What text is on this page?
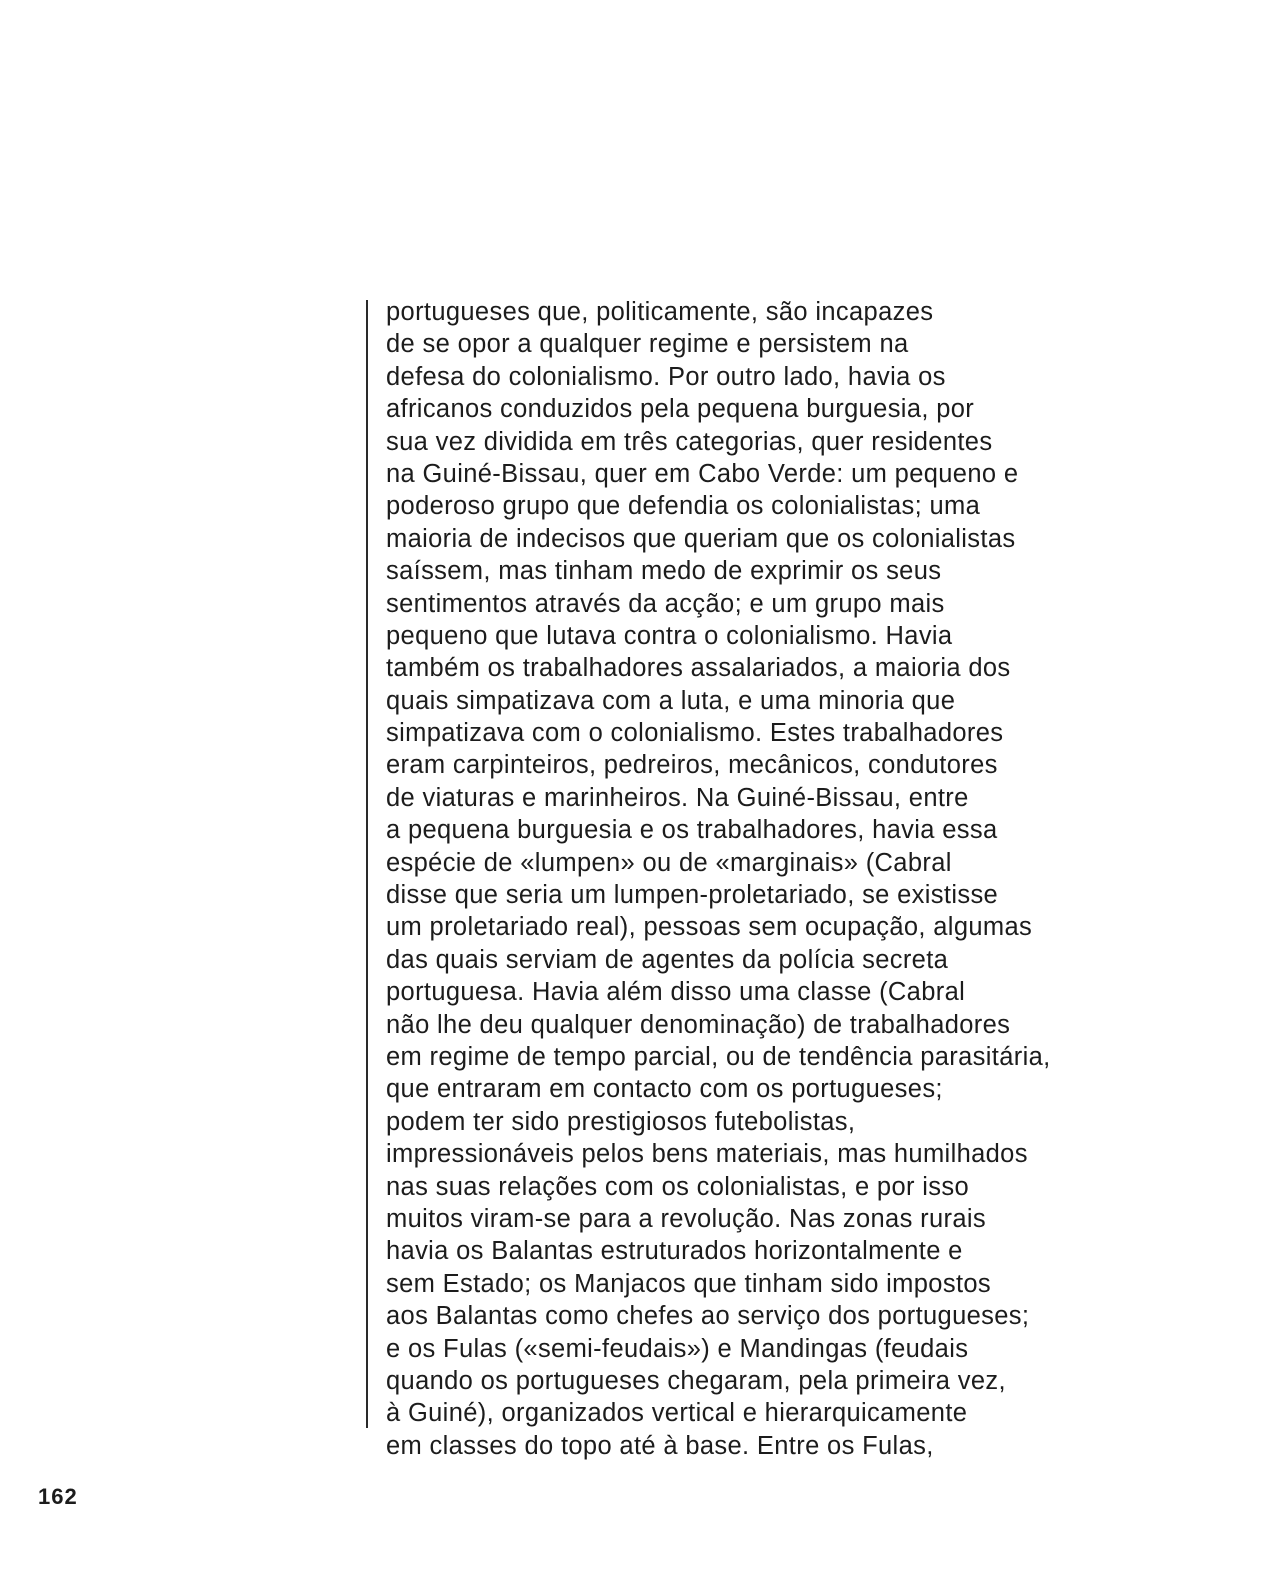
portugueses que, politicamente, são incapazes
de se opor a qualquer regime e persistem na
defesa do colonialismo. Por outro lado, havia os
africanos conduzidos pela pequena burguesia, por
sua vez dividida em três categorias, quer residentes
na Guiné-Bissau, quer em Cabo Verde: um pequeno e
poderoso grupo que defendia os colonialistas; uma
maioria de indecisos que queriam que os colonialistas
saíssem, mas tinham medo de exprimir os seus
sentimentos através da acção; e um grupo mais
pequeno que lutava contra o colonialismo. Havia
também os trabalhadores assalariados, a maioria dos
quais simpatizava com a luta, e uma minoria que
simpatizava com o colonialismo. Estes trabalhadores
eram carpinteiros, pedreiros, mecânicos, condutores
de viaturas e marinheiros. Na Guiné-Bissau, entre
a pequena burguesia e os trabalhadores, havia essa
espécie de «lumpen» ou de «marginais» (Cabral
disse que seria um lumpen-proletariado, se existisse
um proletariado real), pessoas sem ocupação, algumas
das quais serviam de agentes da polícia secreta
portuguesa. Havia além disso uma classe (Cabral
não lhe deu qualquer denominação) de trabalhadores
em regime de tempo parcial, ou de tendência parasitária,
que entraram em contacto com os portugueses;
podem ter sido prestigiosos futebolistas,
impressionáveis pelos bens materiais, mas humilhados
nas suas relações com os colonialistas, e por isso
muitos viram-se para a revolução. Nas zonas rurais
havia os Balantas estruturados horizontalmente e
sem Estado; os Manjacos que tinham sido impostos
aos Balantas como chefes ao serviço dos portugueses;
e os Fulas («semi-feudais») e Mandingas (feudais
quando os portugueses chegaram, pela primeira vez,
à Guiné), organizados vertical e hierarquicamente
em classes do topo até à base. Entre os Fulas,
162
